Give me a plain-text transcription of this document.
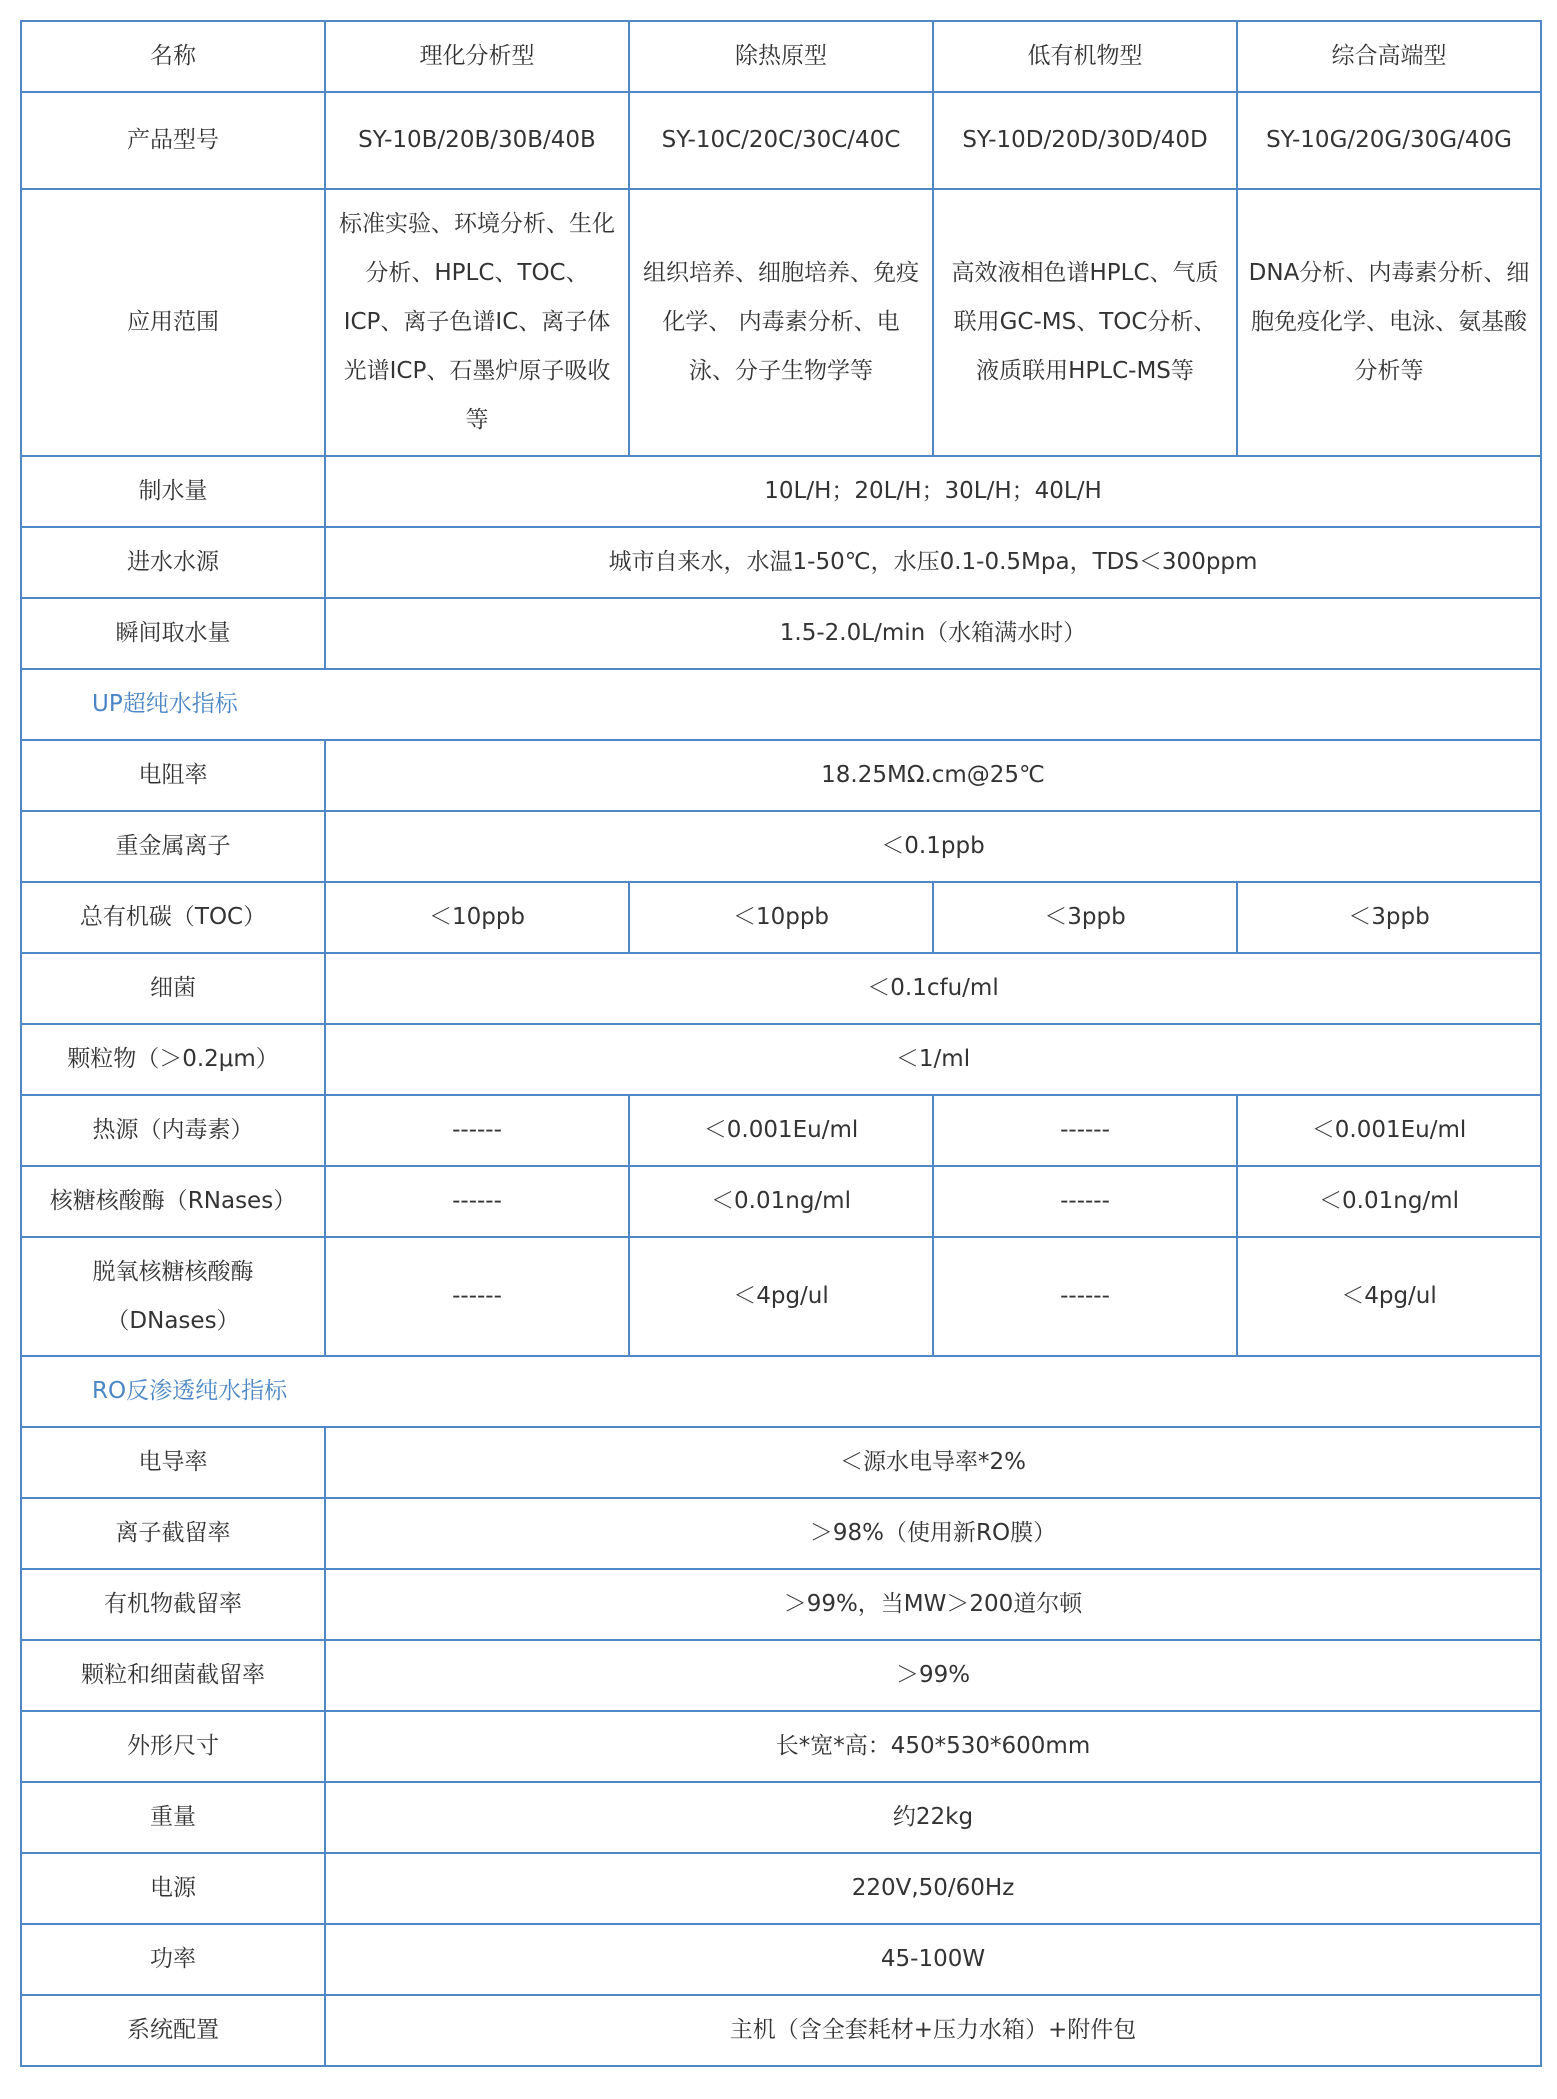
名称	理化分析型	除热原型	低有机物型	综合高端型
产品型号	SY-10B/20B/30B/40B	SY-10C/20C/30C/40C	SY-10D/20D/30D/40D	SY-10G/20G/30G/40G
应用范围	标准实验、环境分析、生化分析、HPLC、TOC、ICP、离子色谱IC、离子体光谱ICP、石墨炉原子吸收等	组织培养、细胞培养、免疫化学、 内毒素分析、电泳、分子生物学等	高效液相色谱HPLC、气质联用GC-MS、TOC分析、液质联用HPLC-MS等	DNA分析、内毒素分析、细胞免疫化学、电泳、氨基酸分析等
制水量	10L/H；20L/H；30L/H；40L/H			
进水水源	城市自来水，水温1-50℃，水压0.1-0.5Mpa，TDS＜300ppm			
瞬间取水量	1.5-2.0L/min（水箱满水时）			
UP超纯水指标				
电阻率	18.25MΩ.cm@25℃			
重金属离子	＜0.1ppb			
总有机碳（TOC）	＜10ppb	＜10ppb	＜3ppb	＜3ppb
细菌	＜0.1cfu/ml			
颗粒物（＞0.2μm）	＜1/ml			
热源（内毒素）	------	＜0.001Eu/ml	------	＜0.001Eu/ml
核糖核酸酶（RNases）	------	＜0.01ng/ml	------	＜0.01ng/ml
脱氧核糖核酸酶（DNases）	------	＜4pg/ul	------	＜4pg/ul
RO反渗透纯水指标				
电导率	＜源水电导率*2%			
离子截留率	＞98%（使用新RO膜）			
有机物截留率	＞99%，当MW＞200道尔顿			
颗粒和细菌截留率	＞99%			
外形尺寸	长*宽*高：450*530*600mm			
重量	约22kg			
电源	220V,50/60Hz			
功率	45-100W			
系统配置	主机（含全套耗材+压力水箱）+附件包			
